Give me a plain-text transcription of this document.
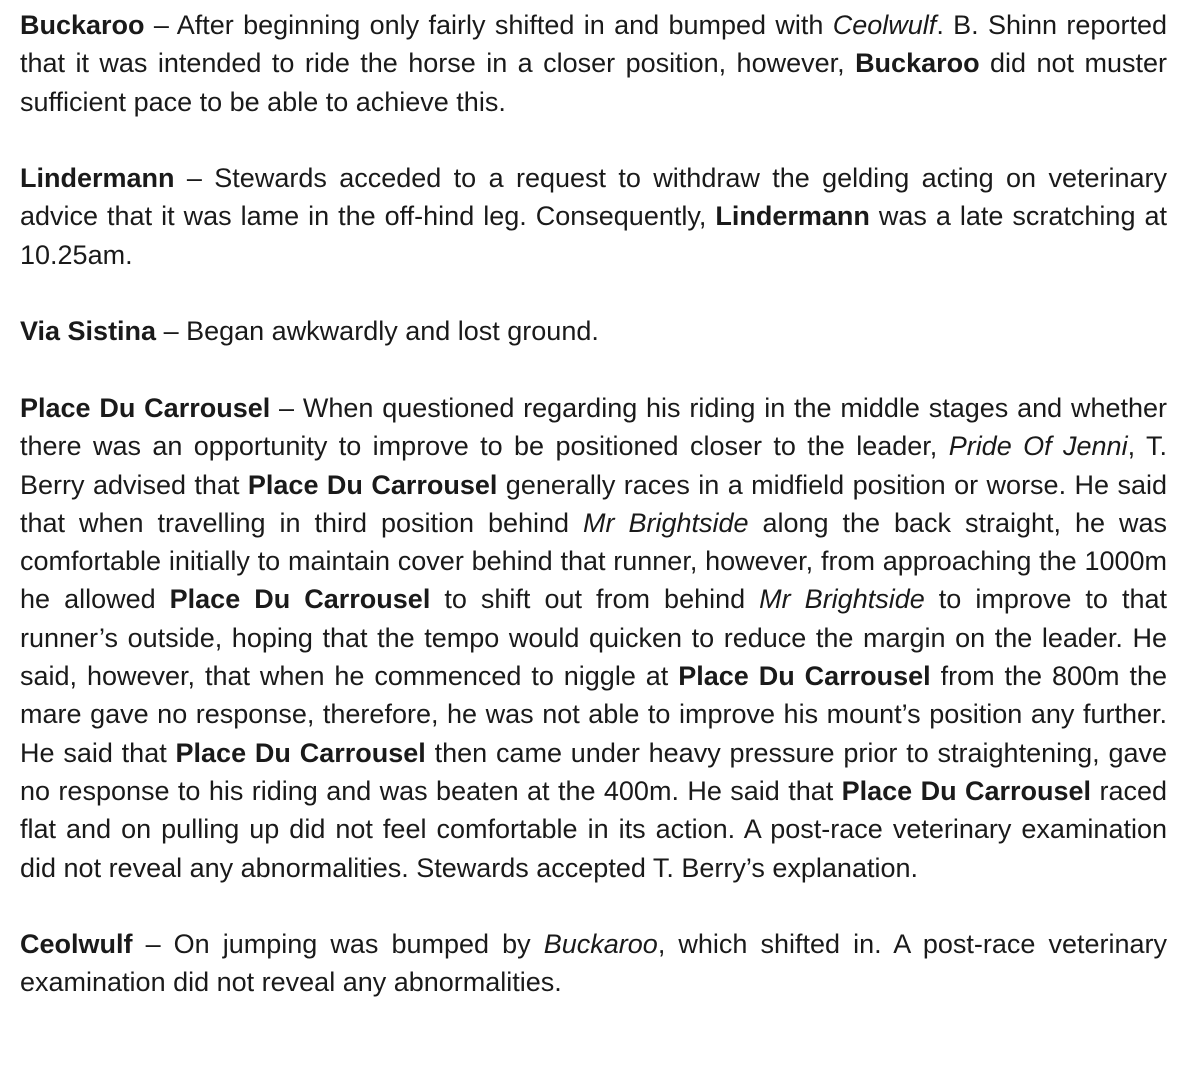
Buckaroo – After beginning only fairly shifted in and bumped with Ceolwulf. B. Shinn reported that it was intended to ride the horse in a closer position, however, Buckaroo did not muster sufficient pace to be able to achieve this.

Lindermann – Stewards acceded to a request to withdraw the gelding acting on veterinary advice that it was lame in the off-hind leg. Consequently, Lindermann was a late scratching at 10.25am.

Via Sistina – Began awkwardly and lost ground.

Place Du Carrousel – When questioned regarding his riding in the middle stages and whether there was an opportunity to improve to be positioned closer to the leader, Pride Of Jenni, T. Berry advised that Place Du Carrousel generally races in a midfield position or worse. He said that when travelling in third position behind Mr Brightside along the back straight, he was comfortable initially to maintain cover behind that runner, however, from approaching the 1000m he allowed Place Du Carrousel to shift out from behind Mr Brightside to improve to that runner’s outside, hoping that the tempo would quicken to reduce the margin on the leader. He said, however, that when he commenced to niggle at Place Du Carrousel from the 800m the mare gave no response, therefore, he was not able to improve his mount’s position any further. He said that Place Du Carrousel then came under heavy pressure prior to straightening, gave no response to his riding and was beaten at the 400m. He said that Place Du Carrousel raced flat and on pulling up did not feel comfortable in its action. A post-race veterinary examination did not reveal any abnormalities. Stewards accepted T. Berry’s explanation.

Ceolwulf – On jumping was bumped by Buckaroo, which shifted in. A post-race veterinary examination did not reveal any abnormalities.
